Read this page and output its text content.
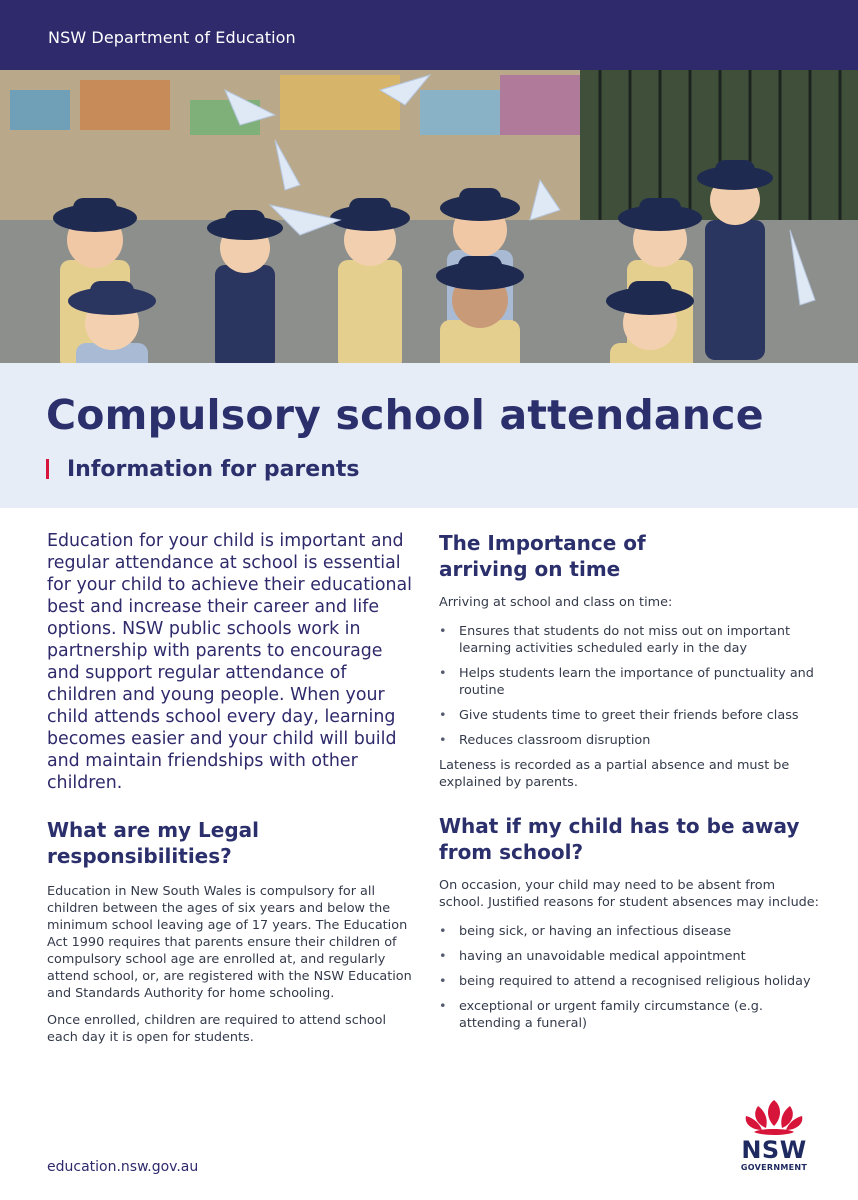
NSW Department of Education
Compulsory school attendance
Information for parents

Education for your child is important and regular attendance at school is essential for your child to achieve their educational best and increase their career and life options. NSW public schools work in partnership with parents to encourage and support regular attendance of children and young people. When your child attends school every day, learning becomes easier and your child will build and maintain friendships with other children.

What are my Legal responsibilities?

Education in New South Wales is compulsory for all children between the ages of six years and below the minimum school leaving age of 17 years. The Education Act 1990 requires that parents ensure their children of compulsory school age are enrolled at, and regularly attend school, or, are registered with the NSW Education and Standards Authority for home schooling.

Once enrolled, children are required to attend school each day it is open for students.

The Importance of arriving on time

Arriving at school and class on time:

• Ensures that students do not miss out on important learning activities scheduled early in the day
• Helps students learn the importance of punctuality and routine
• Give students time to greet their friends before class
• Reduces classroom disruption

Lateness is recorded as a partial absence and must be explained by parents.

What if my child has to be away from school?

On occasion, your child may need to be absent from school. Justified reasons for student absences may include:

• being sick, or having an infectious disease
• having an unavoidable medical appointment
• being required to attend a recognised religious holiday
• exceptional or urgent family circumstance (e.g. attending a funeral)
education.nsw.gov.au
NSW
GOVERNMENT
